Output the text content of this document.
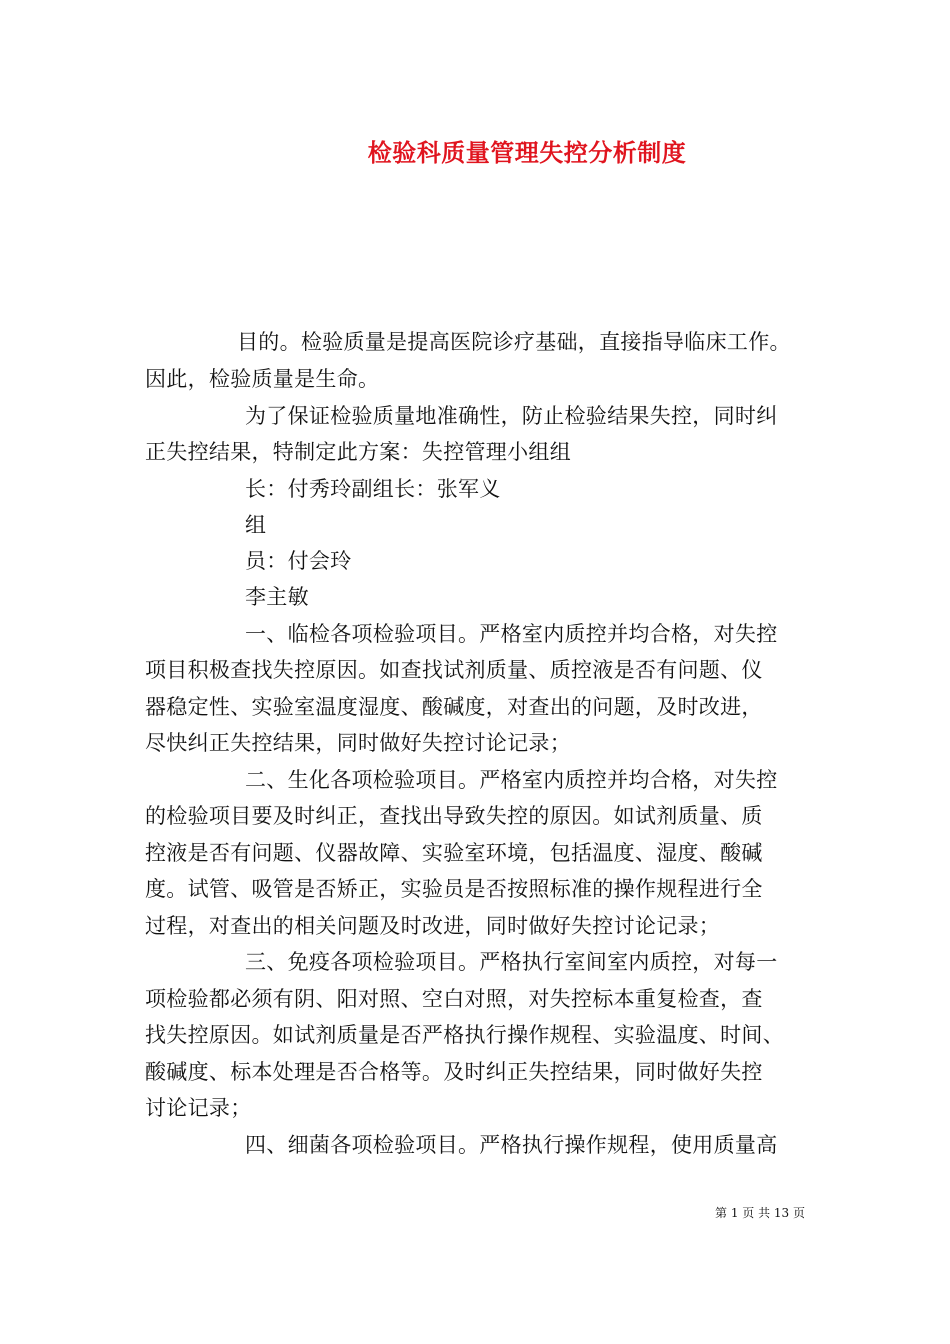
检验科质量管理失控分析制度
目的。检验质量是提高医院诊疗基础，直接指导临床工作。
因此，检验质量是生命。
为了保证检验质量地准确性，防止检验结果失控，同时纠
正失控结果，特制定此方案：失控管理小组组
长：付秀玲副组长：张军义
组
员：付会玲
李主敏
一、临检各项检验项目。严格室内质控并均合格，对失控
项目积极查找失控原因。如查找试剂质量、质控液是否有问题、仪
器稳定性、实验室温度湿度、酸碱度，对查出的问题，及时改进，
尽快纠正失控结果，同时做好失控讨论记录；
二、生化各项检验项目。严格室内质控并均合格，对失控
的检验项目要及时纠正，查找出导致失控的原因。如试剂质量、质
控液是否有问题、仪器故障、实验室环境，包括温度、湿度、酸碱
度。试管、吸管是否矫正，实验员是否按照标准的操作规程进行全
过程，对查出的相关问题及时改进，同时做好失控讨论记录；
三、免疫各项检验项目。严格执行室间室内质控，对每一
项检验都必须有阴、阳对照、空白对照，对失控标本重复检查，查
找失控原因。如试剂质量是否严格执行操作规程、实验温度、时间、
酸碱度、标本处理是否合格等。及时纠正失控结果，同时做好失控
讨论记录；
四、细菌各项检验项目。严格执行操作规程，使用质量高
第 1 页 共 13 页
